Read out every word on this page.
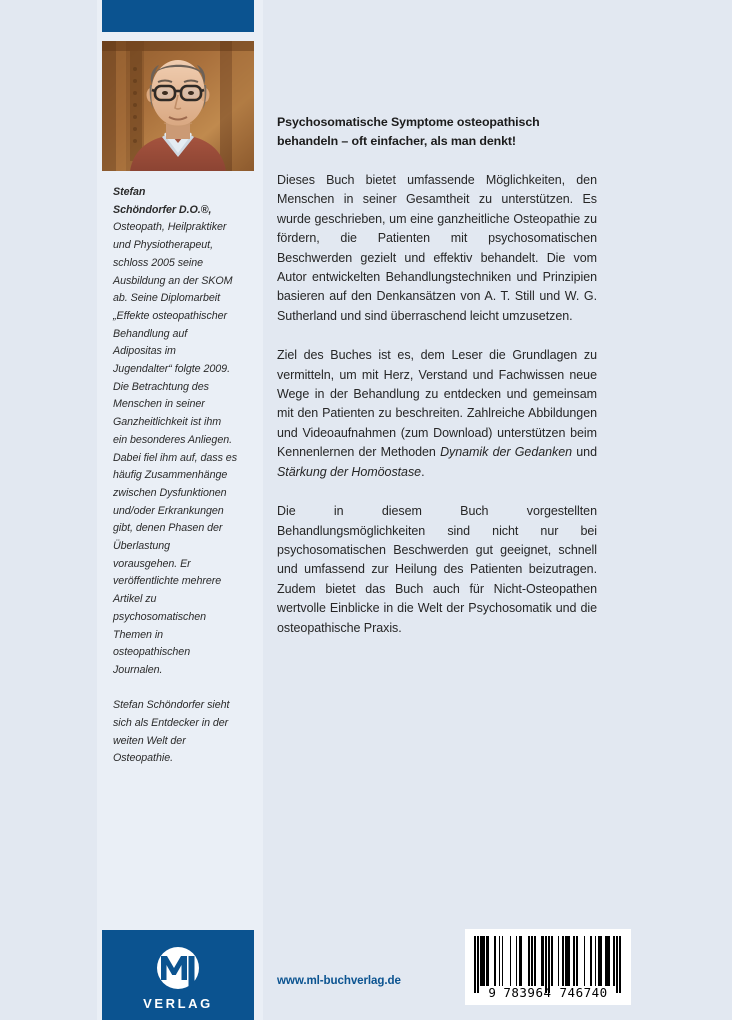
Stefan
Schöndorfer D.O.®,
Osteopath, Heilpraktiker und Physiotherapeut, schloss 2005 seine Ausbildung an der SKOM ab. Seine Diplomarbeit „Effekte osteopathischer Behandlung auf Adipositas im Jugendalter“ folgte 2009. Die Betrachtung des Menschen in seiner Ganzheitlichkeit ist ihm ein besonderes Anliegen. Dabei fiel ihm auf, dass es häufig Zusammenhänge zwischen Dysfunktionen und/oder Erkrankungen gibt, denen Phasen der Überlastung vorausgehen. Er veröffentlichte mehrere Artikel zu psychosomatischen Themen in osteopathischen Journalen.

Stefan Schöndorfer sieht sich als Entdecker in der weiten Welt der Osteopathie.

Psychosomatische Symptome osteopathisch behandeln – oft einfacher, als man denkt!

Dieses Buch bietet umfassende Möglichkeiten, den Menschen in seiner Gesamtheit zu unterstützen. Es wurde geschrieben, um eine ganzheitliche Osteopathie zu fördern, die Patienten mit psychosomatischen Beschwerden gezielt und effektiv behandelt. Die vom Autor entwickelten Behandlungstechniken und Prinzipien basieren auf den Denkansätzen von A. T. Still und W. G. Sutherland und sind überraschend leicht umzusetzen.

Ziel des Buches ist es, dem Leser die Grundlagen zu vermitteln, um mit Herz, Verstand und Fachwissen neue Wege in der Behandlung zu entdecken und gemeinsam mit den Patienten zu beschreiten. Zahlreiche Abbildungen und Videoaufnahmen (zum Download) unterstützen beim Kennenlernen der Methoden Dynamik der Gedanken und Stärkung der Homöostase.

Die in diesem Buch vorgestellten Behandlungsmöglichkeiten sind nicht nur bei psychosomatischen Beschwerden gut geeignet, schnell und umfassend zur Heilung des Patienten beizutragen. Zudem bietet das Buch auch für Nicht-Osteopathen wertvolle Einblicke in die Welt der Psychosomatik und die osteopathische Praxis.

VERLAG
www.ml-buchverlag.de
9 783964 746740
